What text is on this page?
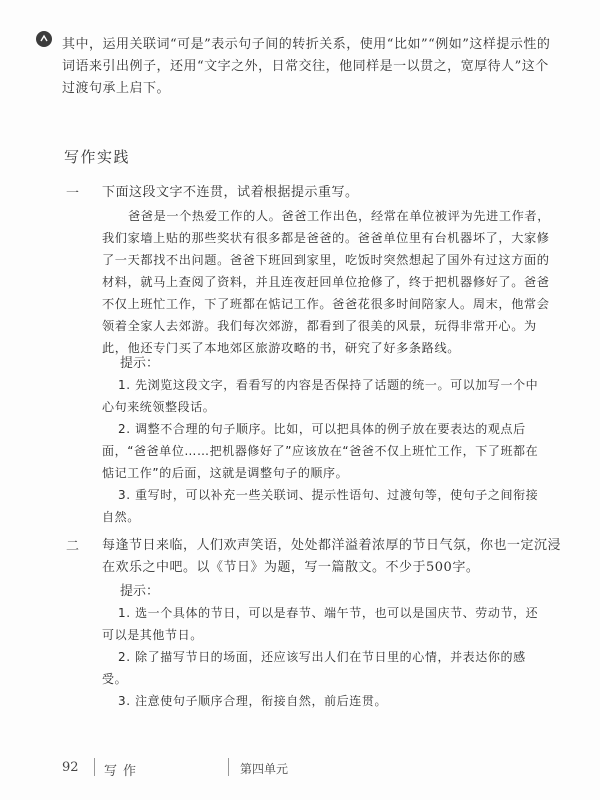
其中，运用关联词“可是”表示句子间的转折关系，使用“比如”“例如”这样提示性的词语来引出例子，还用“文字之外，日常交往，他同样是一以贯之，宽厚待人”这个过渡句承上启下。
写作实践
一 下面这段文字不连贯，试着根据提示重写。
爸爸是一个热爱工作的人。爸爸工作出色，经常在单位被评为先进工作者，我们家墙上贴的那些奖状有很多都是爸爸的。爸爸单位里有台机器坏了，大家修了一天都找不出问题。爸爸下班回到家里，吃饭时突然想起了国外有过这方面的材料，就马上查阅了资料，并且连夜赶回单位抢修了，终于把机器修好了。爸爸不仅上班忙工作，下了班都在惦记工作。爸爸花很多时间陪家人。周末，他常会领着全家人去郊游。我们每次郊游，都看到了很美的风景，玩得非常开心。为此，他还专门买了本地郊区旅游攻略的书，研究了好多条路线。
提示：
1. 先浏览这段文字，看看写的内容是否保持了话题的统一。可以加写一个中心句来统领整段话。
2. 调整不合理的句子顺序。比如，可以把具体的例子放在要表达的观点后面，“爸爸单位……把机器修好了”应该放在“爸爸不仅上班忙工作，下了班都在惦记工作”的后面，这就是调整句子的顺序。
3. 重写时，可以补充一些关联词、提示性语句、过渡句等，使句子之间衔接自然。
二 每逢节日来临，人们欢声笑语，处处都洋溢着浓厚的节日气氛，你也一定沉浸在欢乐之中吧。以《节日》为题，写一篇散文。不少于500字。
提示：
1. 选一个具体的节日，可以是春节、端午节，也可以是国庆节、劳动节，还可以是其他节日。
2. 除了描写节日的场面，还应该写出人们在节日里的心情，并表达你的感受。
3. 注意使句子顺序合理，衔接自然，前后连贯。
92 写作	第四单元
